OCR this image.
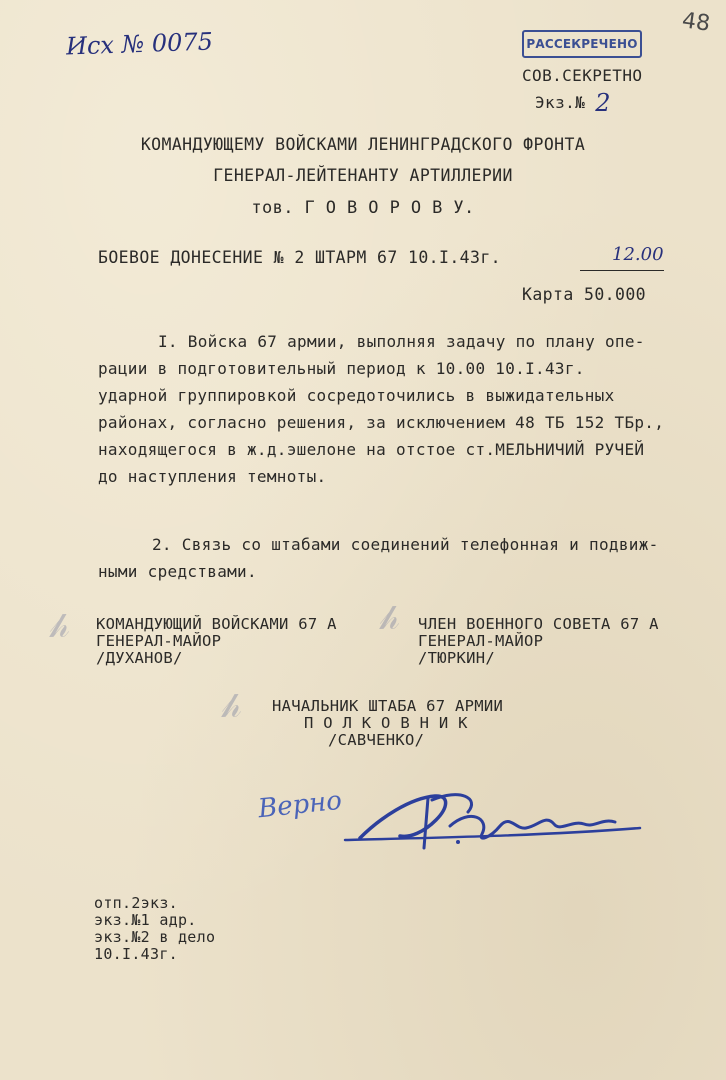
Исх № 0075
48
РАССЕКРЕЧЕНО
СОВ.СЕКРЕТНО
Экз.№ 2
КОМАНДУЮЩЕМУ ВОЙСКАМИ ЛЕНИНГРАДСКОГО ФРОНТА
ГЕНЕРАЛ-ЛЕЙТЕНАНТУ АРТИЛЛЕРИИ
тов. Г О В О Р О В У.
БОЕВОЕ ДОНЕСЕНИЕ № 2 ШТАРМ 67 10.I.43г.	12.00
Карта 50.000
I. Войска 67 армии, выполняя задачу по плану опе-
рации в подготовительный период к 10.00 10.I.43г.
ударной группировкой сосредоточились в выжидательных
районах, согласно решения, за исключением 48 ТБ 152 ТБр.,
находящегося в ж.д.эшелоне на отстое ст.МЕЛЬНИЧИЙ РУЧЕЙ
до наступления темноты.
2. Связь со штабами соединений телефонная и подвиж-
ными средствами.
𝒽	𝒽
𝒽
КОМАНДУЮЩИЙ ВОЙСКАМИ 67 А
ГЕНЕРАЛ-МАЙОР
/ДУХАНОВ/
ЧЛЕН ВОЕННОГО СОВЕТА 67 А
ГЕНЕРАЛ-МАЙОР
/ТЮРКИН/
НАЧАЛЬНИК ШТАБА 67 АРМИИ
П О Л К О В Н И К
/САВЧЕНКО/
Верно
отп.2экз.
экз.№1 адр.
экз.№2 в дело
10.I.43г.
